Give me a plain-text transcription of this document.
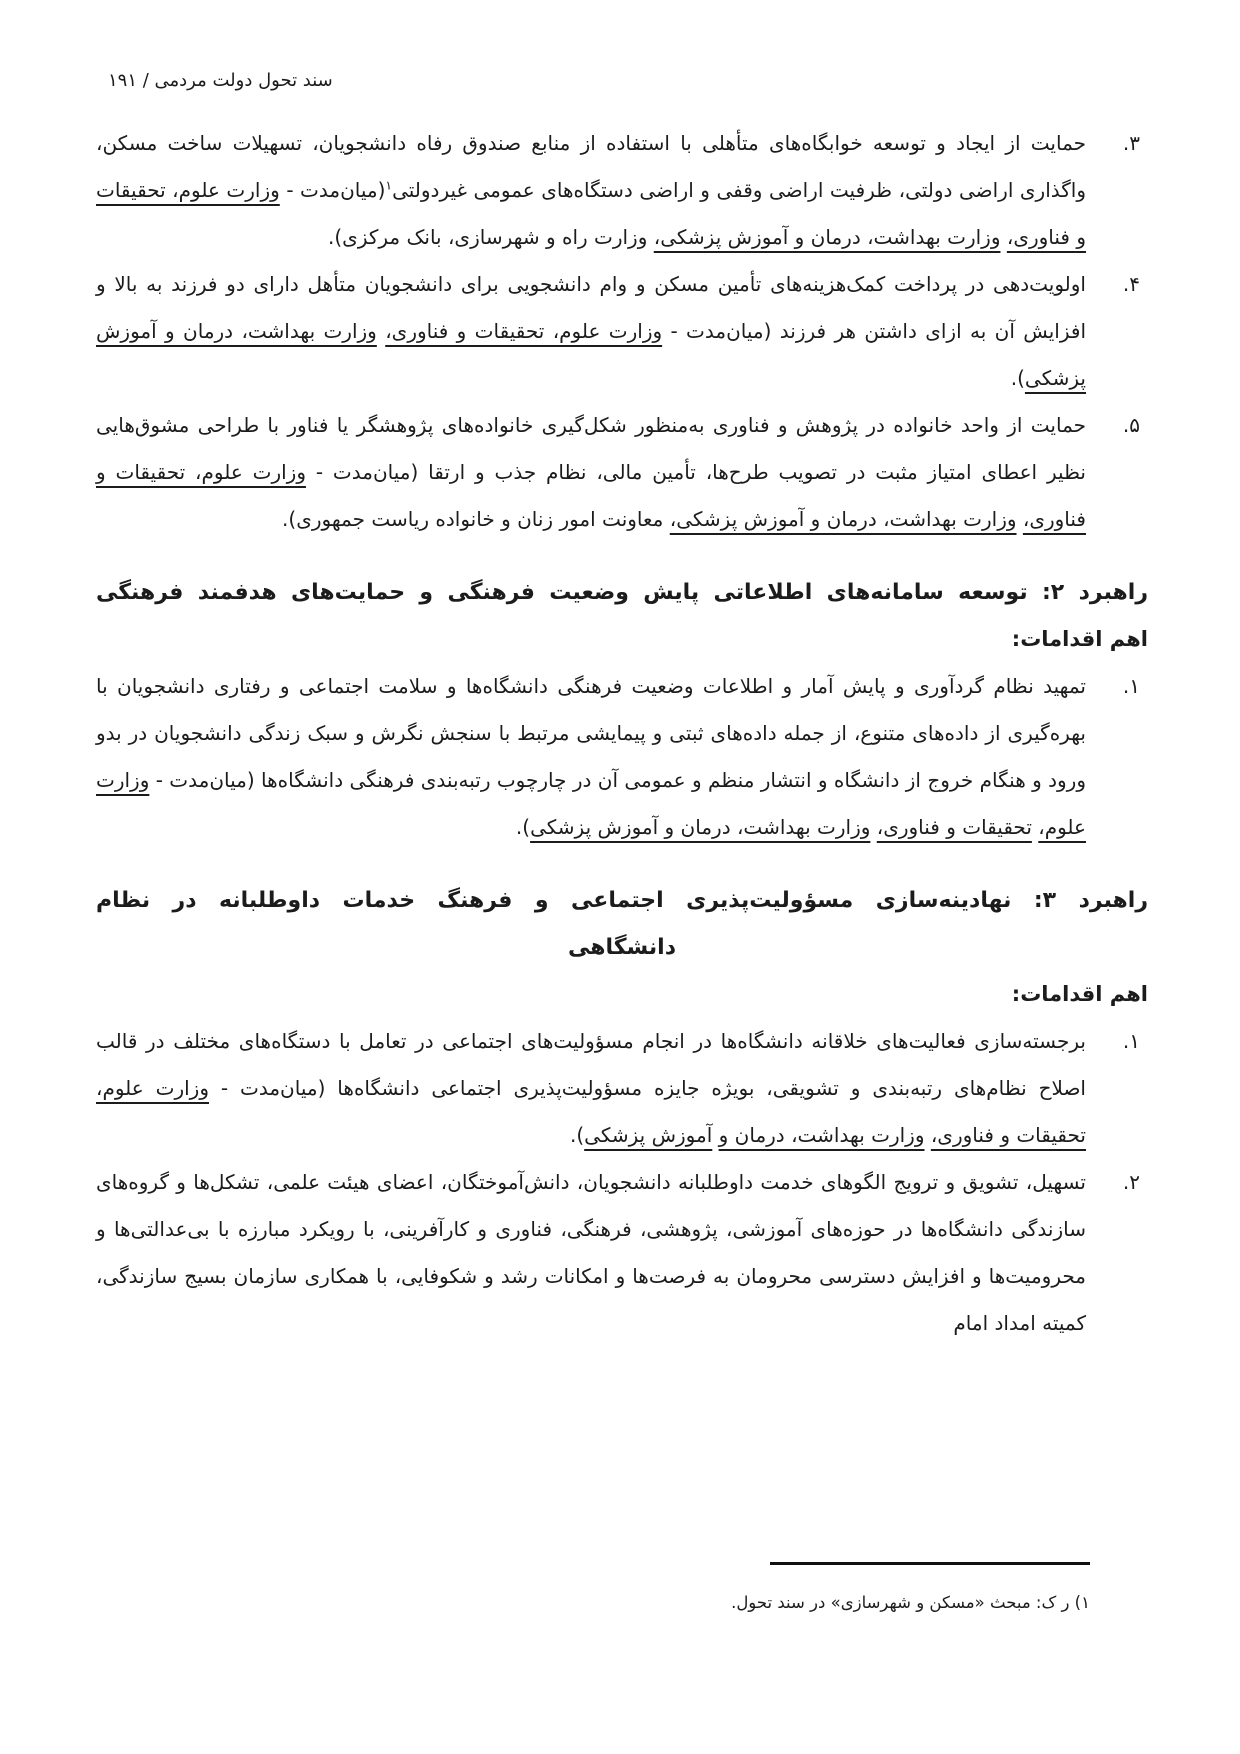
سند تحول دولت مردمی / ۱۹۱
۳.
حمایت از ایجاد و توسعه خوابگاه‌های متأهلی با استفاده از منابع صندوق رفاه دانشجویان، تسهیلات ساخت مسکن، واگذاری اراضی دولتی، ظرفیت اراضی وقفی و اراضی دستگاه‌های عمومی غیردولتی$^۱$(میان‌مدت - وزارت علوم، تحقیقات و فناوری، وزارت بهداشت، درمان و آموزش پزشکی، وزارت راه و شهرسازی، بانک مرکزی).
۴.
اولویت‌دهی در پرداخت کمک‌هزینه‌های تأمین مسکن و وام دانشجویی برای دانشجویان متأهل دارای دو فرزند به بالا و افزایش آن به ازای داشتن هر فرزند (میان‌مدت - وزارت علوم، تحقیقات و فناوری، وزارت بهداشت، درمان و آموزش پزشکی).
۵.
حمایت از واحد خانواده در پژوهش و فناوری به‌منظور شکل‌گیری خانواده‌های پژوهشگر یا فناور با طراحی مشوق‌هایی نظیر اعطای امتیاز مثبت در تصویب طرح‌ها، تأمین مالی، نظام جذب و ارتقا (میان‌مدت - وزارت علوم، تحقیقات و فناوری، وزارت بهداشت، درمان و آموزش پزشکی، معاونت امور زنان و خانواده ریاست جمهوری).
راهبرد ۲: توسعه سامانه‌های اطلاعاتی پایش وضعیت فرهنگی و حمایت‌های هدفمند فرهنگی
اهم اقدامات:
۱.
تمهید نظام گردآوری و پایش آمار و اطلاعات وضعیت فرهنگی دانشگاه‌ها و سلامت اجتماعی و رفتاری دانشجویان با بهره‌گیری از داده‌های متنوع، از جمله داده‌های ثبتی و پیمایشی مرتبط با سنجش نگرش و سبک زندگی دانشجویان در بدو ورود و هنگام خروج از دانشگاه و انتشار منظم و عمومی آن در چارچوب رتبه‌بندی فرهنگی دانشگاه‌ها (میان‌مدت - وزارت علوم، تحقیقات و فناوری، وزارت بهداشت، درمان و آموزش پزشکی).
راهبرد ۳: نهادینه‌سازی مسؤولیت‌پذیری اجتماعی و فرهنگ خدمات داوطلبانه در نظام
دانشگاهی
اهم اقدامات:
۱.
برجسته‌سازی فعالیت‌های خلاقانه دانشگاه‌ها در انجام مسؤولیت‌های اجتماعی در تعامل با دستگاه‌های مختلف در قالب اصلاح نظام‌های رتبه‌بندی و تشویقی، بویژه جایزه مسؤولیت‌پذیری اجتماعی دانشگاه‌ها (میان‌مدت - وزارت علوم، تحقیقات و فناوری، وزارت بهداشت، درمان و آموزش پزشکی).
۲.
تسهیل، تشویق و ترویج الگوهای خدمت داوطلبانه دانشجویان، دانش‌آموختگان، اعضای هیئت علمی، تشکل‌ها و گروه‌های سازندگی دانشگاه‌ها در حوزه‌های آموزشی، پژوهشی، فرهنگی، فناوری و کارآفرینی، با رویکرد مبارزه با بی‌عدالتی‌ها و محرومیت‌ها و افزایش دسترسی محرومان به فرصت‌ها و امکانات رشد و شکوفایی، با همکاری سازمان بسیج سازندگی، کمیته امداد امام
۱) ر ک: مبحث «مسکن و شهرسازی» در سند تحول.
